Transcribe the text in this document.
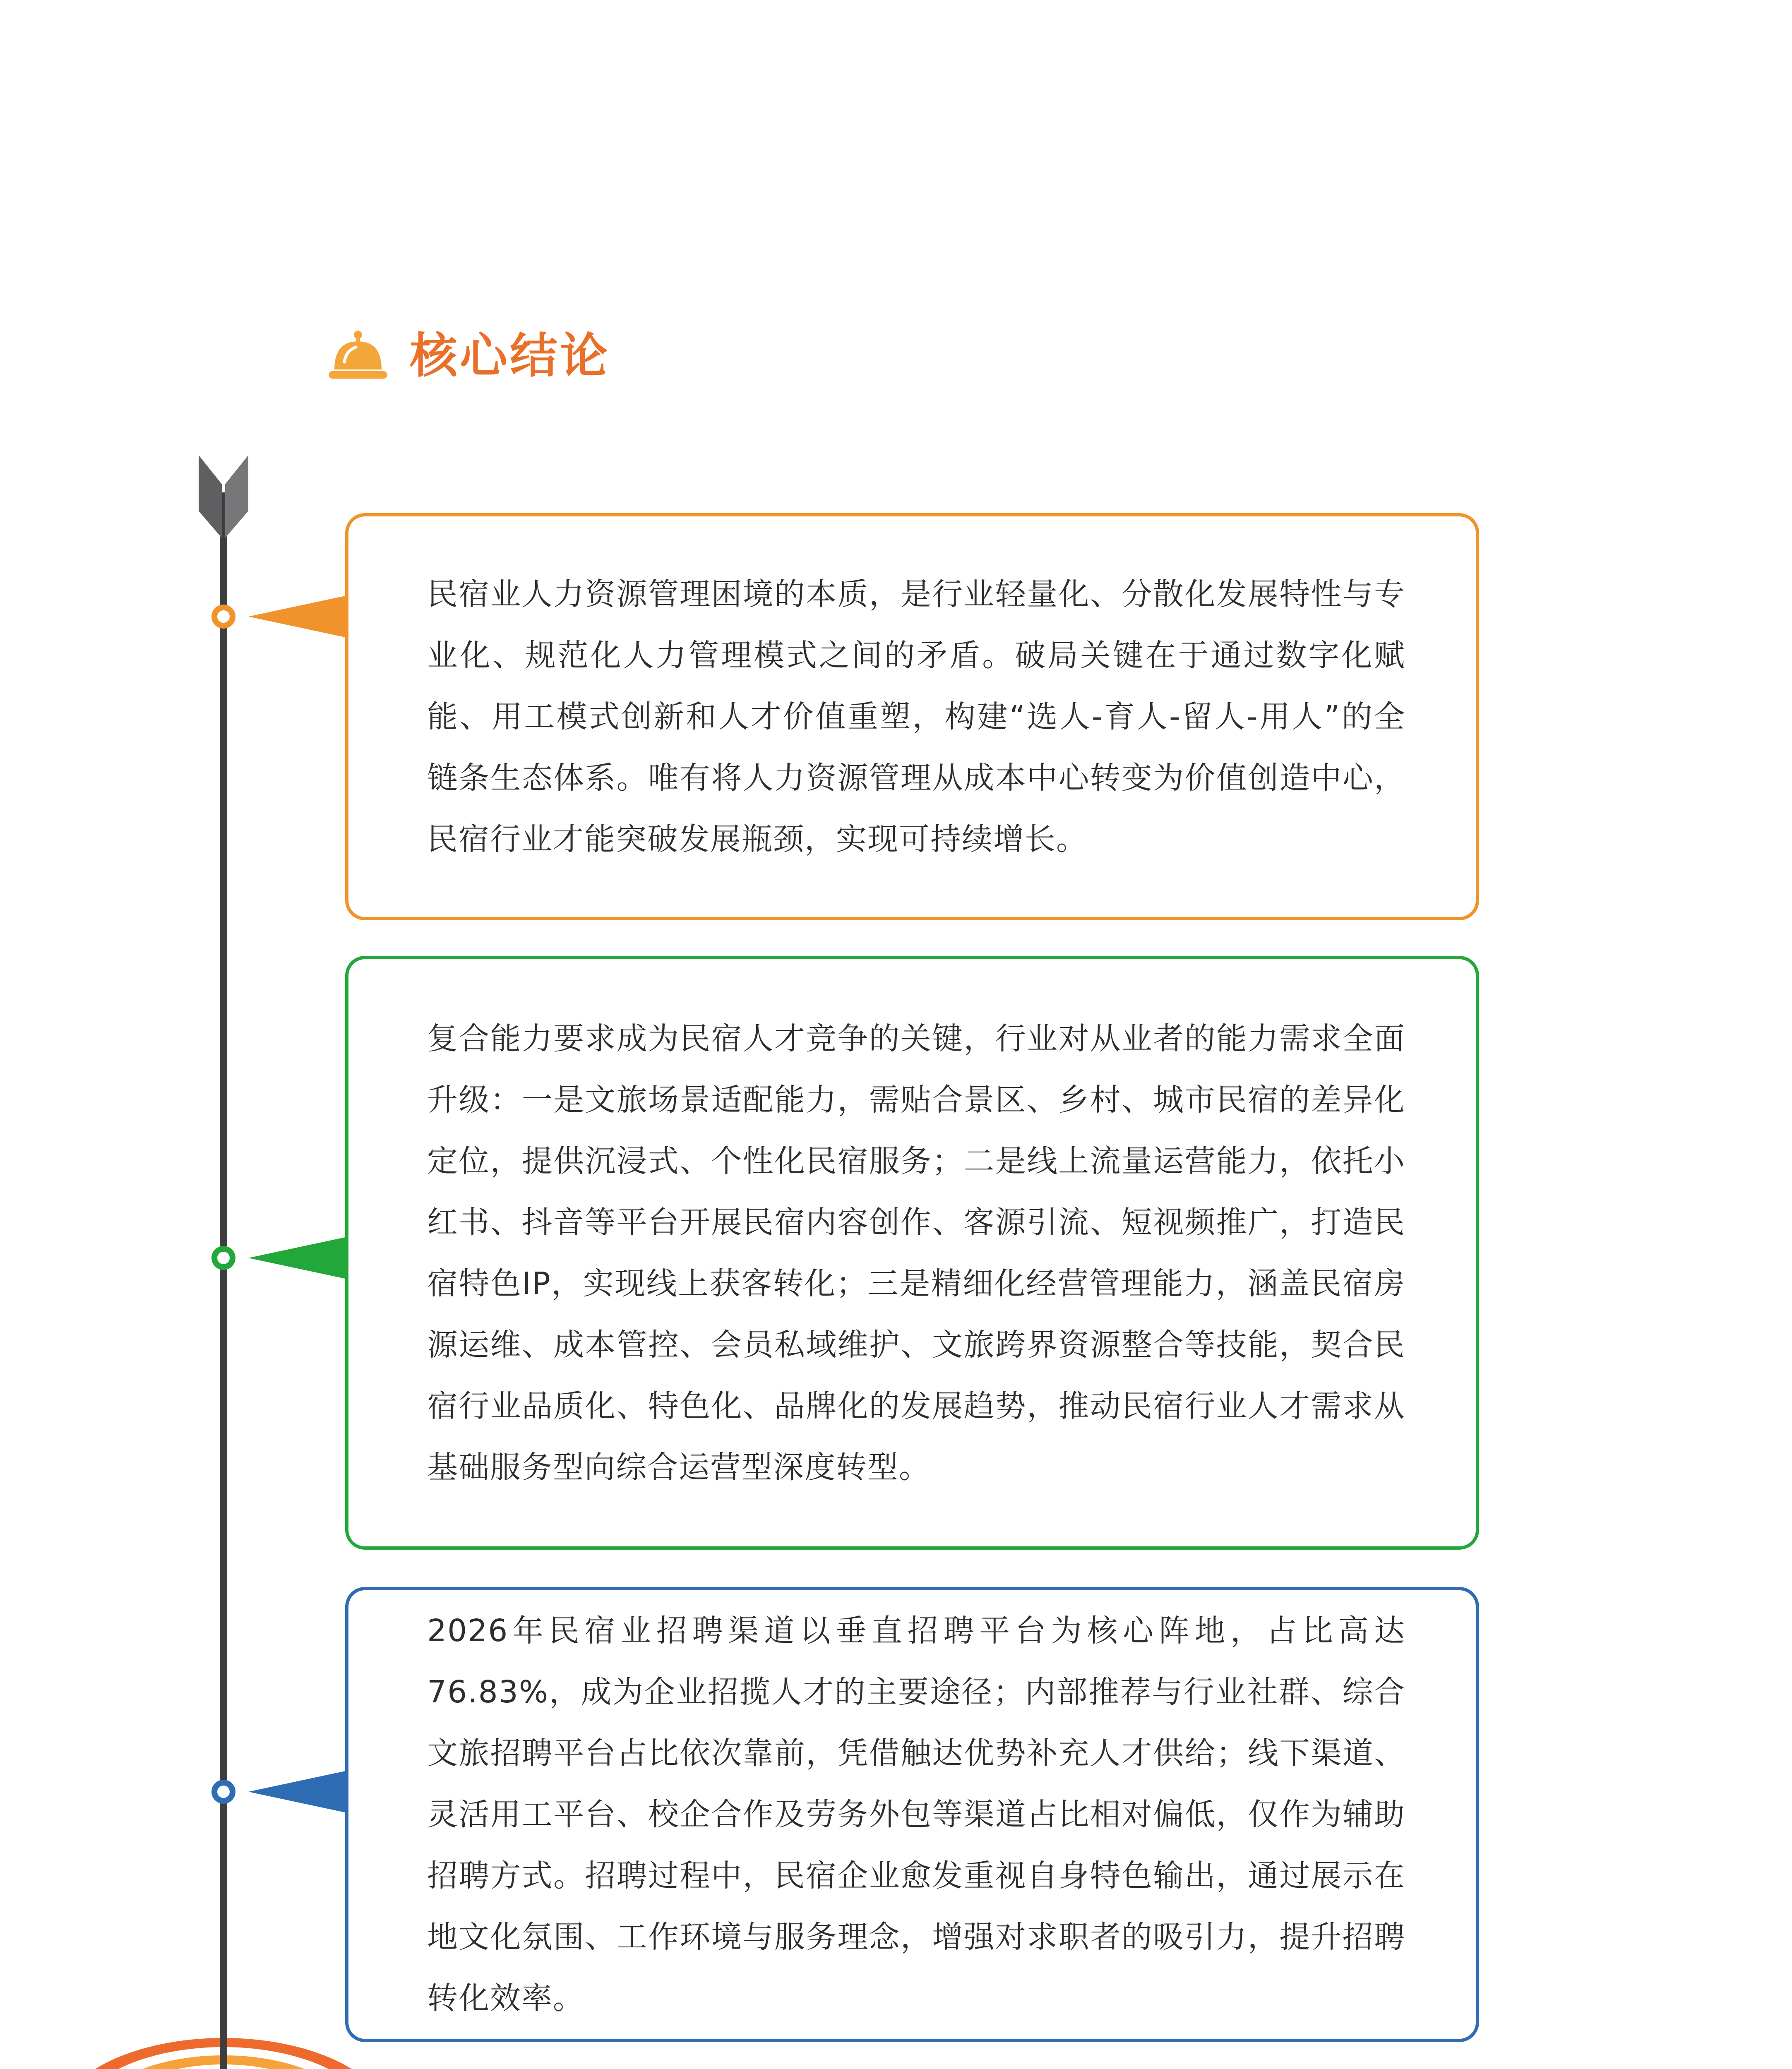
核心结论

民宿业人力资源管理困境的本质，是行业轻量化、分散化发展特性与专业化、规范化人力管理模式之间的矛盾。破局关键在于通过数字化赋能、用工模式创新和人才价值重塑，构建“选人-育人-留人-用人”的全链条生态体系。唯有将人力资源管理从成本中心转变为价值创造中心，民宿行业才能突破发展瓶颈，实现可持续增长。

复合能力要求成为民宿人才竞争的关键，行业对从业者的能力需求全面升级：一是文旅场景适配能力，需贴合景区、乡村、城市民宿的差异化定位，提供沉浸式、个性化民宿服务；二是线上流量运营能力，依托小红书、抖音等平台开展民宿内容创作、客源引流、短视频推广，打造民宿特色IP，实现线上获客转化；三是精细化经营管理能力，涵盖民宿房源运维、成本管控、会员私域维护、文旅跨界资源整合等技能，契合民宿行业品质化、特色化、品牌化的发展趋势，推动民宿行业人才需求从基础服务型向综合运营型深度转型。

2026年民宿业招聘渠道以垂直招聘平台为核心阵地，占比高达76.83%，成为企业招揽人才的主要途径；内部推荐与行业社群、综合文旅招聘平台占比依次靠前，凭借触达优势补充人才供给；线下渠道、灵活用工平台、校企合作及劳务外包等渠道占比相对偏低，仅作为辅助招聘方式。招聘过程中，民宿企业愈发重视自身特色输出，通过展示在地文化氛围、工作环境与服务理念，增强对求职者的吸引力，提升招聘转化效率。
